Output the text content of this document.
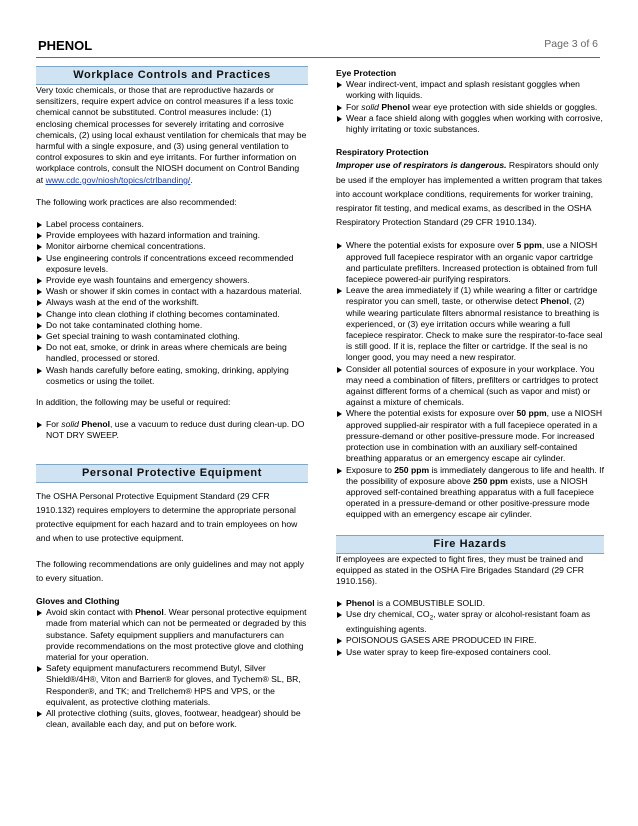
PHENOL	Page 3 of 6
Workplace Controls and Practices

Very toxic chemicals, or those that are reproductive hazards or sensitizers, require expert advice on control measures if a less toxic chemical cannot be substituted. Control measures include: (1) enclosing chemical processes for severely irritating and corrosive chemicals, (2) using local exhaust ventilation for chemicals that may be harmful with a single exposure, and (3) using general ventilation to control exposures to skin and eye irritants. For further information on workplace controls, consult the NIOSH document on Control Banding at www.cdc.gov/niosh/topics/ctrlbanding/.

The following work practices are also recommended:

Label process containers.
Provide employees with hazard information and training.
Monitor airborne chemical concentrations.
Use engineering controls if concentrations exceed recommended exposure levels.
Provide eye wash fountains and emergency showers.
Wash or shower if skin comes in contact with a hazardous material.
Always wash at the end of the workshift.
Change into clean clothing if clothing becomes contaminated.
Do not take contaminated clothing home.
Get special training to wash contaminated clothing.
Do not eat, smoke, or drink in areas where chemicals are being handled, processed or stored.
Wash hands carefully before eating, smoking, drinking, applying cosmetics or using the toilet.

In addition, the following may be useful or required:

For solid Phenol, use a vacuum to reduce dust during clean-up. DO NOT DRY SWEEP.
Personal Protective Equipment

The OSHA Personal Protective Equipment Standard (29 CFR 1910.132) requires employers to determine the appropriate personal protective equipment for each hazard and to train employees on how and when to use protective equipment.

The following recommendations are only guidelines and may not apply to every situation.

Gloves and Clothing

Avoid skin contact with Phenol. Wear personal protective equipment made from material which can not be permeated or degraded by this substance. Safety equipment suppliers and manufacturers can provide recommendations on the most protective glove and clothing material for your operation.
Safety equipment manufacturers recommend Butyl, Silver Shield®/4H®, Viton and Barrier® for gloves, and Tychem® SL, BR, Responder®, and TK; and Trellchem® HPS and VPS, or the equivalent, as protective clothing materials.
All protective clothing (suits, gloves, footwear, headgear) should be clean, available each day, and put on before work.

Eye Protection

Wear indirect-vent, impact and splash resistant goggles when working with liquids.
For solid Phenol wear eye protection with side shields or goggles.
Wear a face shield along with goggles when working with corrosive, highly irritating or toxic substances.

Respiratory Protection

Improper use of respirators is dangerous. Respirators should only be used if the employer has implemented a written program that takes into account workplace conditions, requirements for worker training, respirator fit testing, and medical exams, as described in the OSHA Respiratory Protection Standard (29 CFR 1910.134).

Where the potential exists for exposure over 5 ppm, use a NIOSH approved full facepiece respirator with an organic vapor cartridge and particulate prefilters. Increased protection is obtained from full facepiece powered-air purifying respirators.
Leave the area immediately if (1) while wearing a filter or cartridge respirator you can smell, taste, or otherwise detect Phenol, (2) while wearing particulate filters abnormal resistance to breathing is experienced, or (3) eye irritation occurs while wearing a full facepiece respirator. Check to make sure the respirator-to-face seal is still good. If it is, replace the filter or cartridge. If the seal is no longer good, you may need a new respirator.
Consider all potential sources of exposure in your workplace. You may need a combination of filters, prefilters or cartridges to protect against different forms of a chemical (such as vapor and mist) or against a mixture of chemicals.
Where the potential exists for exposure over 50 ppm, use a NIOSH approved supplied-air respirator with a full facepiece operated in a pressure-demand or other positive-pressure mode. For increased protection use in combination with an auxiliary self-contained breathing apparatus or an emergency escape air cylinder.
Exposure to 250 ppm is immediately dangerous to life and health. If the possibility of exposure above 250 ppm exists, use a NIOSH approved self-contained breathing apparatus with a full facepiece operated in a pressure-demand or other positive-pressure mode equipped with an emergency escape air cylinder.
Fire Hazards

If employees are expected to fight fires, they must be trained and equipped as stated in the OSHA Fire Brigades Standard (29 CFR 1910.156).

Phenol is a COMBUSTIBLE SOLID.
Use dry chemical, $CO_2$, water spray or alcohol-resistant foam as extinguishing agents.
POISONOUS GASES ARE PRODUCED IN FIRE.
Use water spray to keep fire-exposed containers cool.
